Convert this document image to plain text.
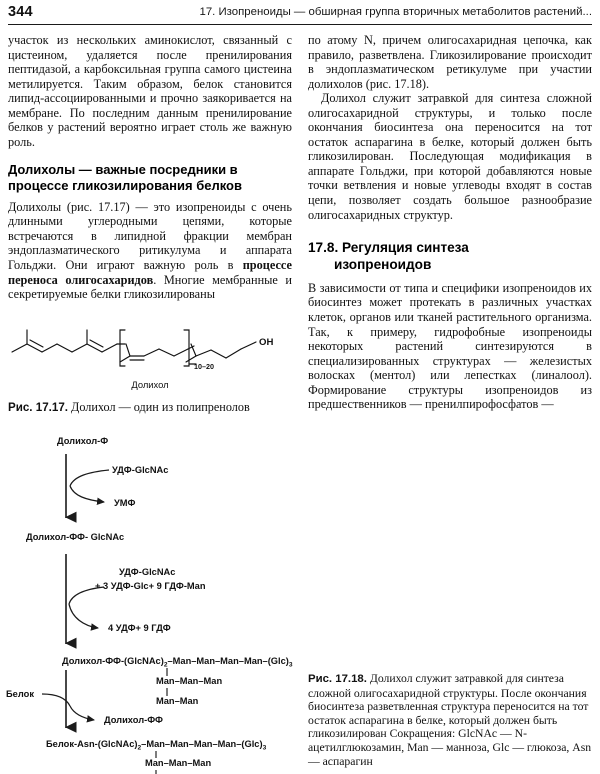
344	17. Изопреноиды — обширная группа вторичных метаболитов растений...

участок из нескольких аминокислот, связанный с цистеином, удаляется после пренилирования пептидазой, а карбоксильная группа самого цистеина метилируется. Таким образом, белок становится липид-ассоциированными и прочно заякоривается на мембране. По последним данным пренилирование белков у растений вероятно играет столь же важную роль.

Долихолы — важные посредники в процессе гликозилирования белков

Долихолы (рис. 17.17) — это изопреноиды с очень длинными углеродными цепями, которые встречаются в липидной фракции мембран эндоплазматического ритикулума и аппарата Гольджи. Они играют важную роль в процессе переноса олигосахаридов. Многие мембранные и секретируемые белки гликозилированы

OH
10–20
Долихол
Рис. 17.17. Долихол — один из полипренолов
Долихол-Ф
УДФ-GlcNAc
УМФ
Долихол-ФФ- GlcNAc
УДФ-GlcNAc
+ 3 УДФ-Glc+ 9 ГДФ-Man
4 УДФ+ 9 ГДФ
Долихол-$ФФ-(GlcNAc)_2-Man-Man-Man-Man-(Glc)_3$
Man–Man–Man
Man–Man
Белок
Долихол-ФФ
Белок-$Asn-(GlcNAc)_2-Man-Man-Man-Man-(Glc)_3$
Man–Man–Man

по атому N, причем олигосахаридная цепочка, как правило, разветвлена. Гликозилирование происходит в эндоплазматическом ретикулуме при участии долихолов (рис. 17.18).

Долихол служит затравкой для синтеза сложной олигосахаридной структуры, и только после окончания биосинтеза она переносится на тот остаток аспарагина в белке, который должен быть гликозилирован. Последующая модификация в аппарате Гольджи, при которой добавляются новые точки ветвления и новые углеводы входят в состав цепи, позволяет создать большое разнообразие олигосахаридных структур.

17.8. Регуляция синтеза
изопреноидов

В зависимости от типа и специфики изопреноидов их биосинтез может протекать в различных участках клеток, органов или тканей растительного организма. Так, к примеру, гидрофобные изопреноиды некоторых растений синтезируются в специализированных структурах — железистых волосках (ментол) или лепестках (линалоол). Формирование структуры изопреноидов из предшественников — пренилпирофосфатов —

Рис. 17.18. Долихол служит затравкой для синтеза сложной олигосахаридной структуры. После окончания биосинтеза разветвленная структура переносится на тот остаток аспарагина в белке, который должен быть гликозилирован Сокращения: GlcNAc — N-ацетилглюкозамин, Man — манноза, Glc — глюкоза, Asn — аспарагин
